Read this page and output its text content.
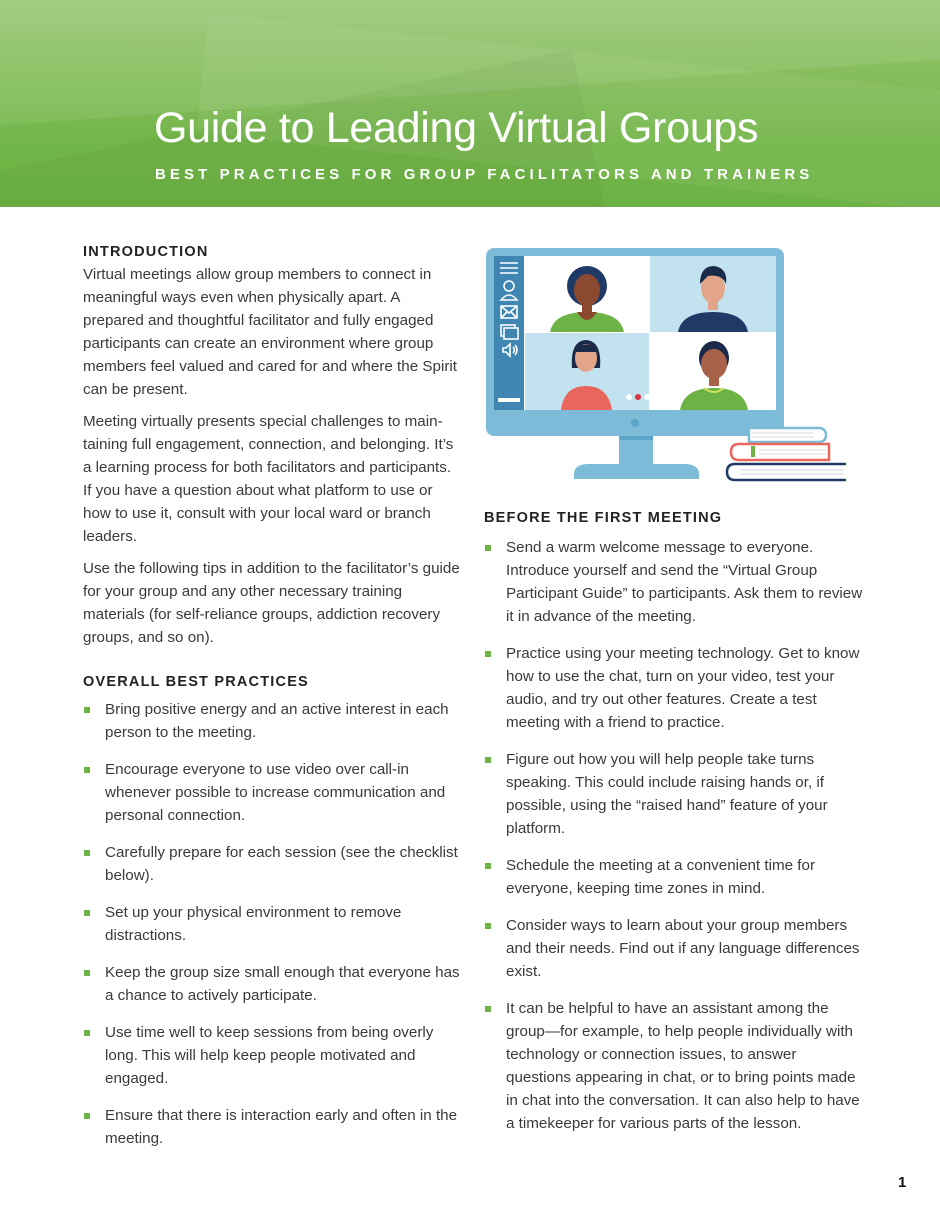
Guide to Leading Virtual Groups
BEST PRACTICES FOR GROUP FACILITATORS AND TRAINERS
INTRODUCTION

Virtual meetings allow group members to connect in meaningful ways even when physically apart. A prepared and thoughtful facilitator and fully engaged participants can create an environment where group members feel valued and cared for and where the Spirit can be present.

Meeting virtually presents special challenges to maintaining full engagement, connection, and belonging. It’s a learning process for both facilitators and participants. If you have a question about what platform to use or how to use it, consult with your local ward or branch leaders.

Use the following tips in addition to the facilitator’s guide for your group and any other necessary training materials (for self-reliance groups, addiction recovery groups, and so on).

OVERALL BEST PRACTICES
Bring positive energy and an active interest in each person to the meeting.
Encourage everyone to use video over call-in whenever possible to increase communication and personal connection.
Carefully prepare for each session (see the checklist below).
Set up your physical environment to remove distractions.
Keep the group size small enough that everyone has a chance to actively participate.
Use time well to keep sessions from being overly long. This will help keep people motivated and engaged.
Ensure that there is interaction early and often in the meeting.
BEFORE THE FIRST MEETING
Send a warm welcome message to everyone. Introduce yourself and send the “Virtual Group Participant Guide” to participants. Ask them to review it in advance of the meeting.
Practice using your meeting technology. Get to know how to use the chat, turn on your video, test your audio, and try out other features. Create a test meeting with a friend to practice.
Figure out how you will help people take turns speaking. This could include raising hands or, if possible, using the “raised hand” feature of your platform.
Schedule the meeting at a convenient time for everyone, keeping time zones in mind.
Consider ways to learn about your group members and their needs. Find out if any language differences exist.
It can be helpful to have an assistant among the group—for example, to help people individually with technology or connection issues, to answer questions appearing in chat, or to bring points made in chat into the conversation. It can also help to have a timekeeper for various parts of the lesson.
1
